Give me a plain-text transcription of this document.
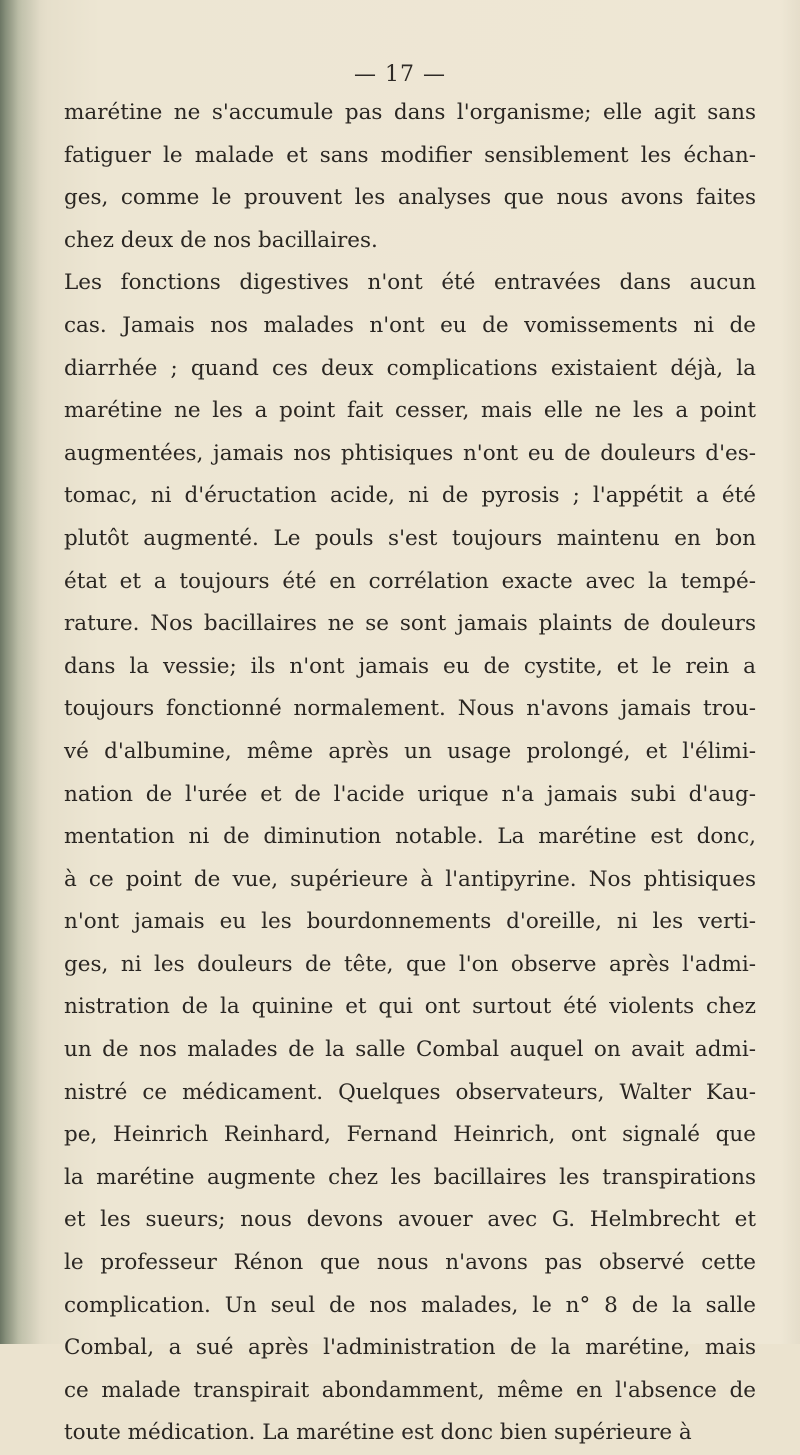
— 17 —
marétine ne s'accumule pas dans l'organisme; elle agit sans
fatiguer le malade et sans modifier sensiblement les échan-
ges, comme le prouvent les analyses que nous avons faites
chez deux de nos bacillaires.
Les fonctions digestives n'ont été entravées dans aucun
cas. Jamais nos malades n'ont eu de vomissements ni de
diarrhée ; quand ces deux complications existaient déjà, la
marétine ne les a point fait cesser, mais elle ne les a point
augmentées, jamais nos phtisiques n'ont eu de douleurs d'es-
tomac, ni d'éructation acide, ni de pyrosis ; l'appétit a été
plutôt augmenté. Le pouls s'est toujours maintenu en bon
état et a toujours été en corrélation exacte avec la tempé-
rature. Nos bacillaires ne se sont jamais plaints de douleurs
dans la vessie; ils n'ont jamais eu de cystite, et le rein a
toujours fonctionné normalement. Nous n'avons jamais trou-
vé d'albumine, même après un usage prolongé, et l'élimi-
nation de l'urée et de l'acide urique n'a jamais subi d'aug-
mentation ni de diminution notable. La marétine est donc,
à ce point de vue, supérieure à l'antipyrine. Nos phtisiques
n'ont jamais eu les bourdonnements d'oreille, ni les verti-
ges, ni les douleurs de tête, que l'on observe après l'admi-
nistration de la quinine et qui ont surtout été violents chez
un de nos malades de la salle Combal auquel on avait admi-
nistré ce médicament. Quelques observateurs, Walter Kau-
pe, Heinrich Reinhard, Fernand Heinrich, ont signalé que
la marétine augmente chez les bacillaires les transpirations
et les sueurs; nous devons avouer avec G. Helmbrecht et
le professeur Rénon que nous n'avons pas observé cette
complication. Un seul de nos malades, le n° 8 de la salle
Combal, a sué après l'administration de la marétine, mais
ce malade transpirait abondamment, même en l'absence de
toute médication. La marétine est donc bien supérieure à
